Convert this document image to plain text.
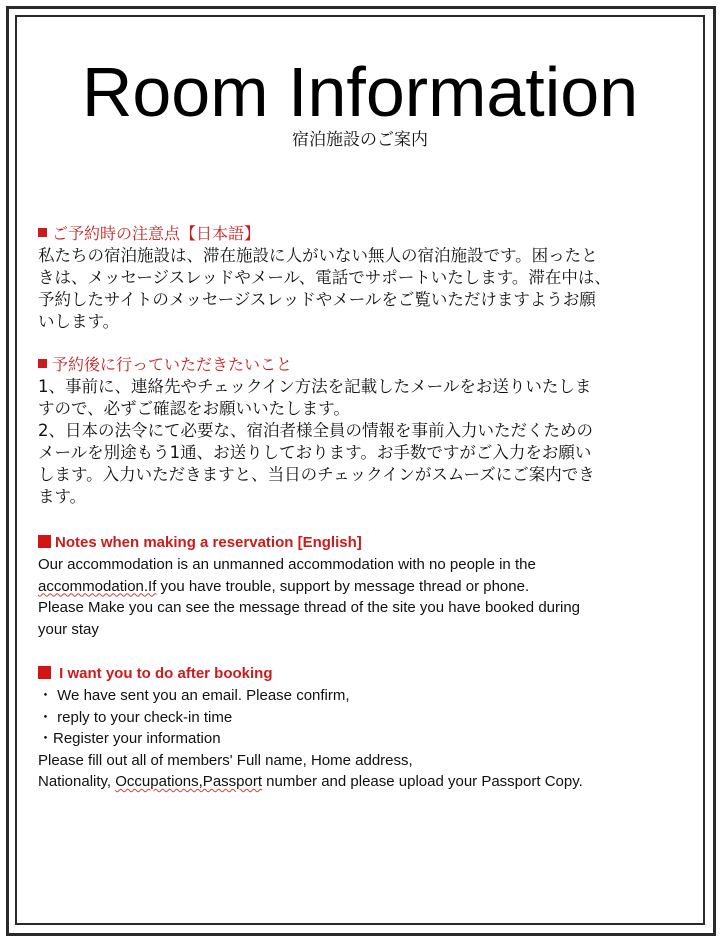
Room Information
宿泊施設のご案内
ご予約時の注意点【日本語】

私たちの宿泊施設は、滞在施設に人がいない無人の宿泊施設です。困ったと

きは、メッセージスレッドやメール、電話でサポートいたします。滞在中は、

予約したサイトのメッセージスレッドやメールをご覧いただけますようお願

いします。

予約後に行っていただきたいこと

1、事前に、連絡先やチェックイン方法を記載したメールをお送りいたしま

すので、必ずご確認をお願いいたします。

2、日本の法令にて必要な、宿泊者様全員の情報を事前入力いただくための

メールを別途もう1通、お送りしております。お手数ですがご入力をお願い

します。入力いただきますと、当日のチェックインがスムーズにご案内でき

ます。

Notes when making a reservation [English]

Our accommodation is an unmanned accommodation with no people in the

accommodation.If you have trouble, support by message thread or phone.

Please Make you can see the message thread of the site you have booked during

your stay

I want you to do after booking

・ We have sent you an email. Please confirm,

・ reply to your check-in time

・Register your information

Please fill out all of members' Full name, Home address,

Nationality, Occupations,Passport number and please upload your Passport Copy.
